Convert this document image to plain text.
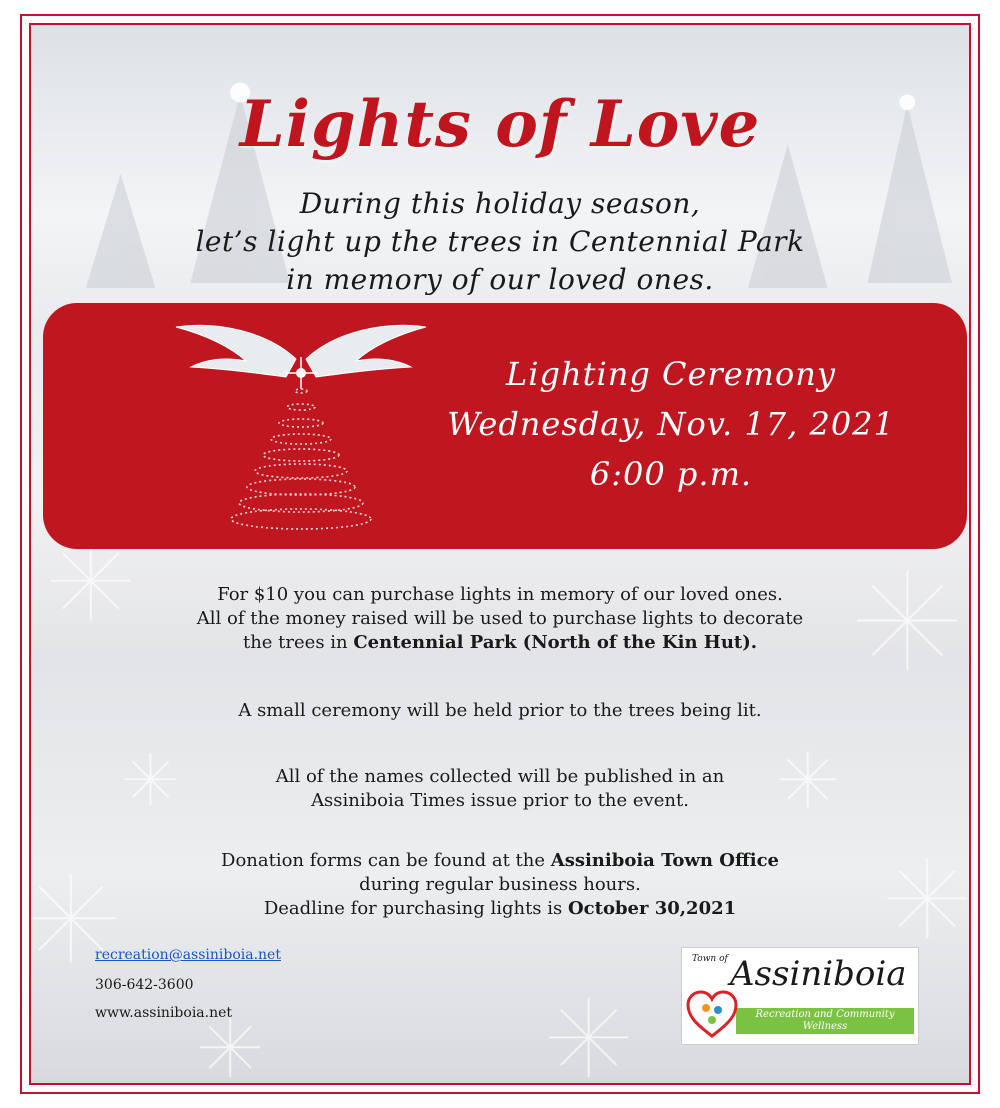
Lights of Love
During this holiday season,
let’s light up the trees in Centennial Park
in memory of our loved ones.
Lighting Ceremony
Wednesday, Nov. 17, 2021
6:00 p.m.
For $10 you can purchase lights in memory of our loved ones.
All of the money raised will be used to purchase lights to decorate
the trees in Centennial Park (North of the Kin Hut).
A small ceremony will be held prior to the trees being lit.
All of the names collected will be published in an
Assiniboia Times issue prior to the event.
Donation forms can be found at the Assiniboia Town Office
during regular business hours.
Deadline for purchasing lights is October 30,2021
recreation@assiniboia.net
306-642-3600
www.assiniboia.net
Town of Assiniboia
Recreation and Community Wellness
